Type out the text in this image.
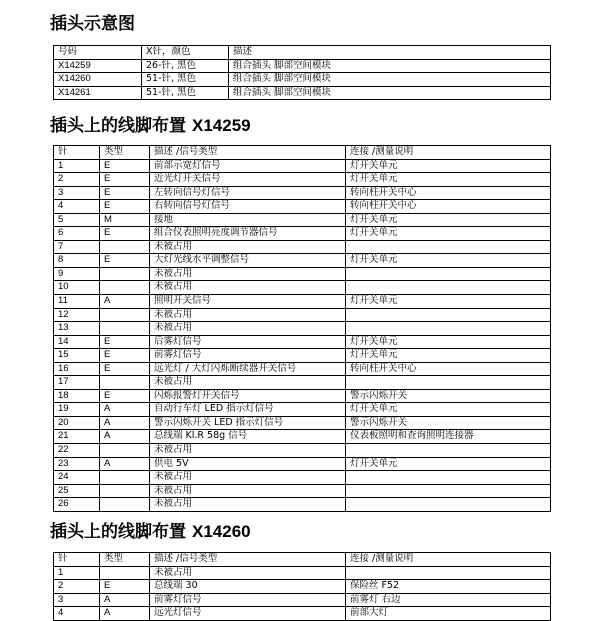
插头示意图
号码	X针，颜色	描述
X14259	26-针, 黑色	组合插头 脚部空间模块
X14260	51-针, 黑色	组合插头 脚部空间模块
X14261	51-针, 黑色	组合插头 脚部空间模块
插头上的线脚布置 X14259
针	类型	描述 /信号类型	连接 /测量说明
1	E	前部示宽灯信号	灯开关单元
2	E	近光灯开关信号	灯开关单元
3	E	左转向信号灯信号	转向柱开关中心
4	E	右转向信号灯信号	转向柱开关中心
5	M	接地	灯开关单元
6	E	组合仪表照明亮度调节器信号	灯开关单元
7		未被占用	
8	E	大灯光线水平调整信号	灯开关单元
9		未被占用	
10		未被占用	
11	A	照明开关信号	灯开关单元
12		未被占用	
13		未被占用	
14	E	后雾灯信号	灯开关单元
15	E	前雾灯信号	灯开关单元
16	E	远光灯 / 大灯闪烁断续器开关信号	转向柱开关中心
17		未被占用	
18	E	闪烁报警灯开关信号	警示闪烁开关
19	A	自动行车灯 LED 指示灯信号	灯开关单元
20	A	警示闪烁开关 LED 指示灯信号	警示闪烁开关
21	A	总线端 Kl.R 58g 信号	仪表板照明和查询照明连接器
22		未被占用	
23	A	供电 5V	灯开关单元
24		未被占用	
25		未被占用	
26		未被占用	
插头上的线脚布置 X14260
针	类型	描述 /信号类型	连接 /测量说明
1		未被占用	
2	E	总线端 30	保险丝 F52
3	A	前雾灯信号	前雾灯 右边
4	A	远光灯信号	前部大灯
